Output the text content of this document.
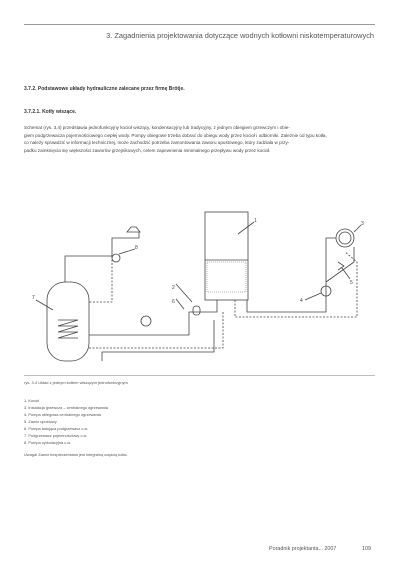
3. Zagadnienia projektowania dotyczące wodnych kotłowni niskotemperaturowych
3.7.2. Podstawowe układy hydrauliczne zalecane przez firmę Brötje.
3.7.2.1. Kotły wiszące.

Schemat (rys. 3.4) przedstawia jednofunkcyjny kocioł wiszący, kondensacyjny lub tradycyjny, z jednym obiegiem grzewczym i obie-

giem podgrzewacza pojemnościowego ciepłej wody. Pompy obiegowe trzeba dobrać do obiegu wody przez kocioł i odbiorniki. Zależnie od typu kotła,

co należy sprawdzić w informacji technicznej, może zachodzić potrzeba zamontowania zaworu upustowego, który zadziała w przy-

padku zamknięcia się większości zaworów grzejnikowych, celem zapewnienia minimalnego przepływu wody przez kocioł.

1
2
3
4
5
6
7
8
rys. 3.4 Układ z jednym kotłem wiszącym jednofunkcyjnym
1. Kocioł
3. Instalacja grzewcza – centralnego ogrzewania
4. Pompa obiegowa centralnego ogrzewania
5. Zawór upustowy
6. Pompa ładująca podgrzewacz c.w.
7. Podgrzewacz pojemnościowy c.w.
8. Pompa cyrkulacyjna c.w.
Uwaga! Zawór bezpieczeństwa jest integralną częścią kotła.
Poradnik projektanta... 2007	109
